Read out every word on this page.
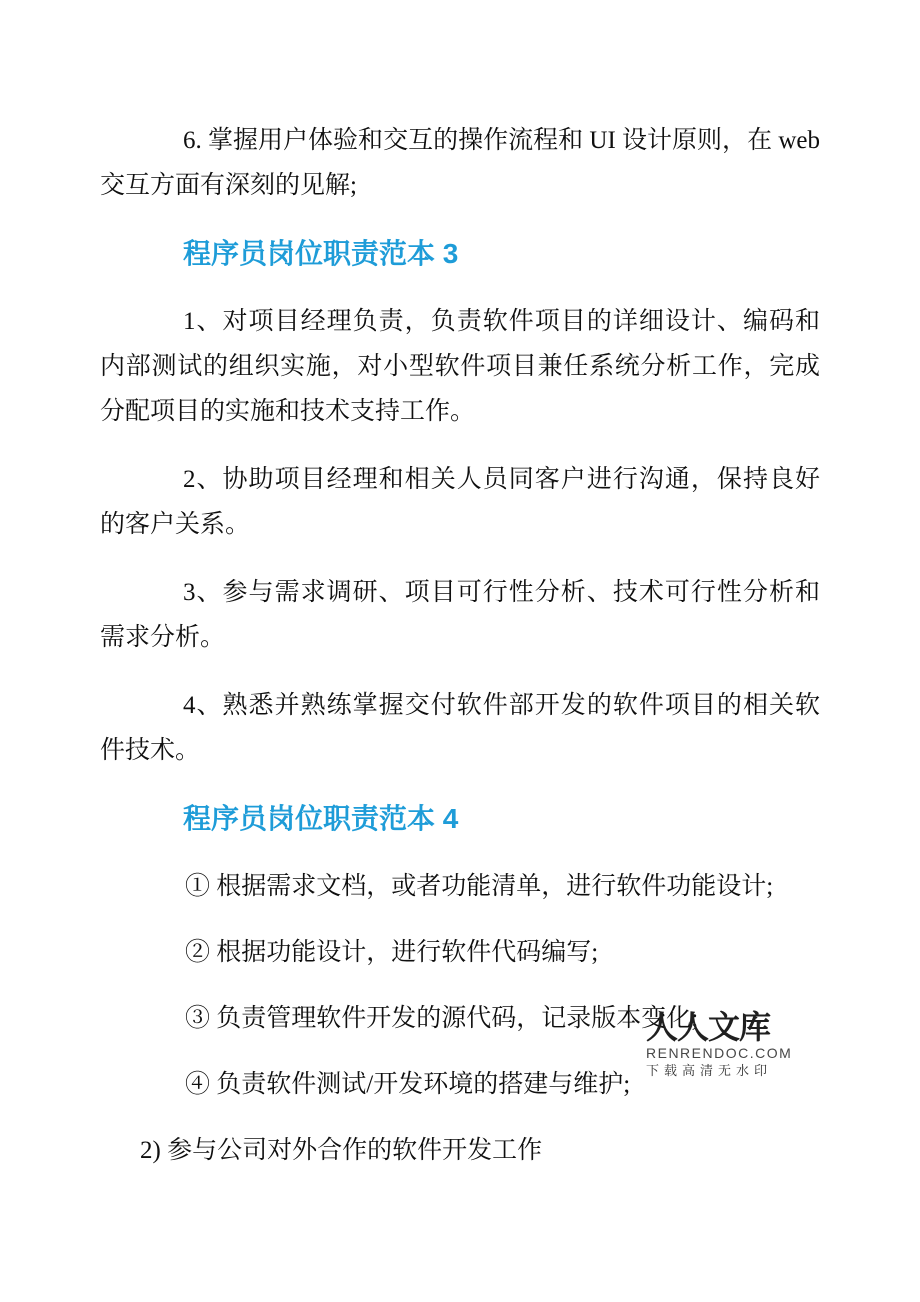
6. 掌握用户体验和交互的操作流程和 UI 设计原则，在 web 交互方面有深刻的见解;

程序员岗位职责范本 3

1、对项目经理负责，负责软件项目的详细设计、编码和内部测试的组织实施，对小型软件项目兼任系统分析工作，完成分配项目的实施和技术支持工作。

2、协助项目经理和相关人员同客户进行沟通，保持良好的客户关系。

3、参与需求调研、项目可行性分析、技术可行性分析和需求分析。

4、熟悉并熟练掌握交付软件部开发的软件项目的相关软件技术。

程序员岗位职责范本 4

① 根据需求文档，或者功能清单，进行软件功能设计;

② 根据功能设计，进行软件代码编写;

③ 负责管理软件开发的源代码，记录版本变化;

④ 负责软件测试/开发环境的搭建与维护;

2) 参与公司对外合作的软件开发工作

人人文库
RENRENDOC.COM
下载高清无水印
